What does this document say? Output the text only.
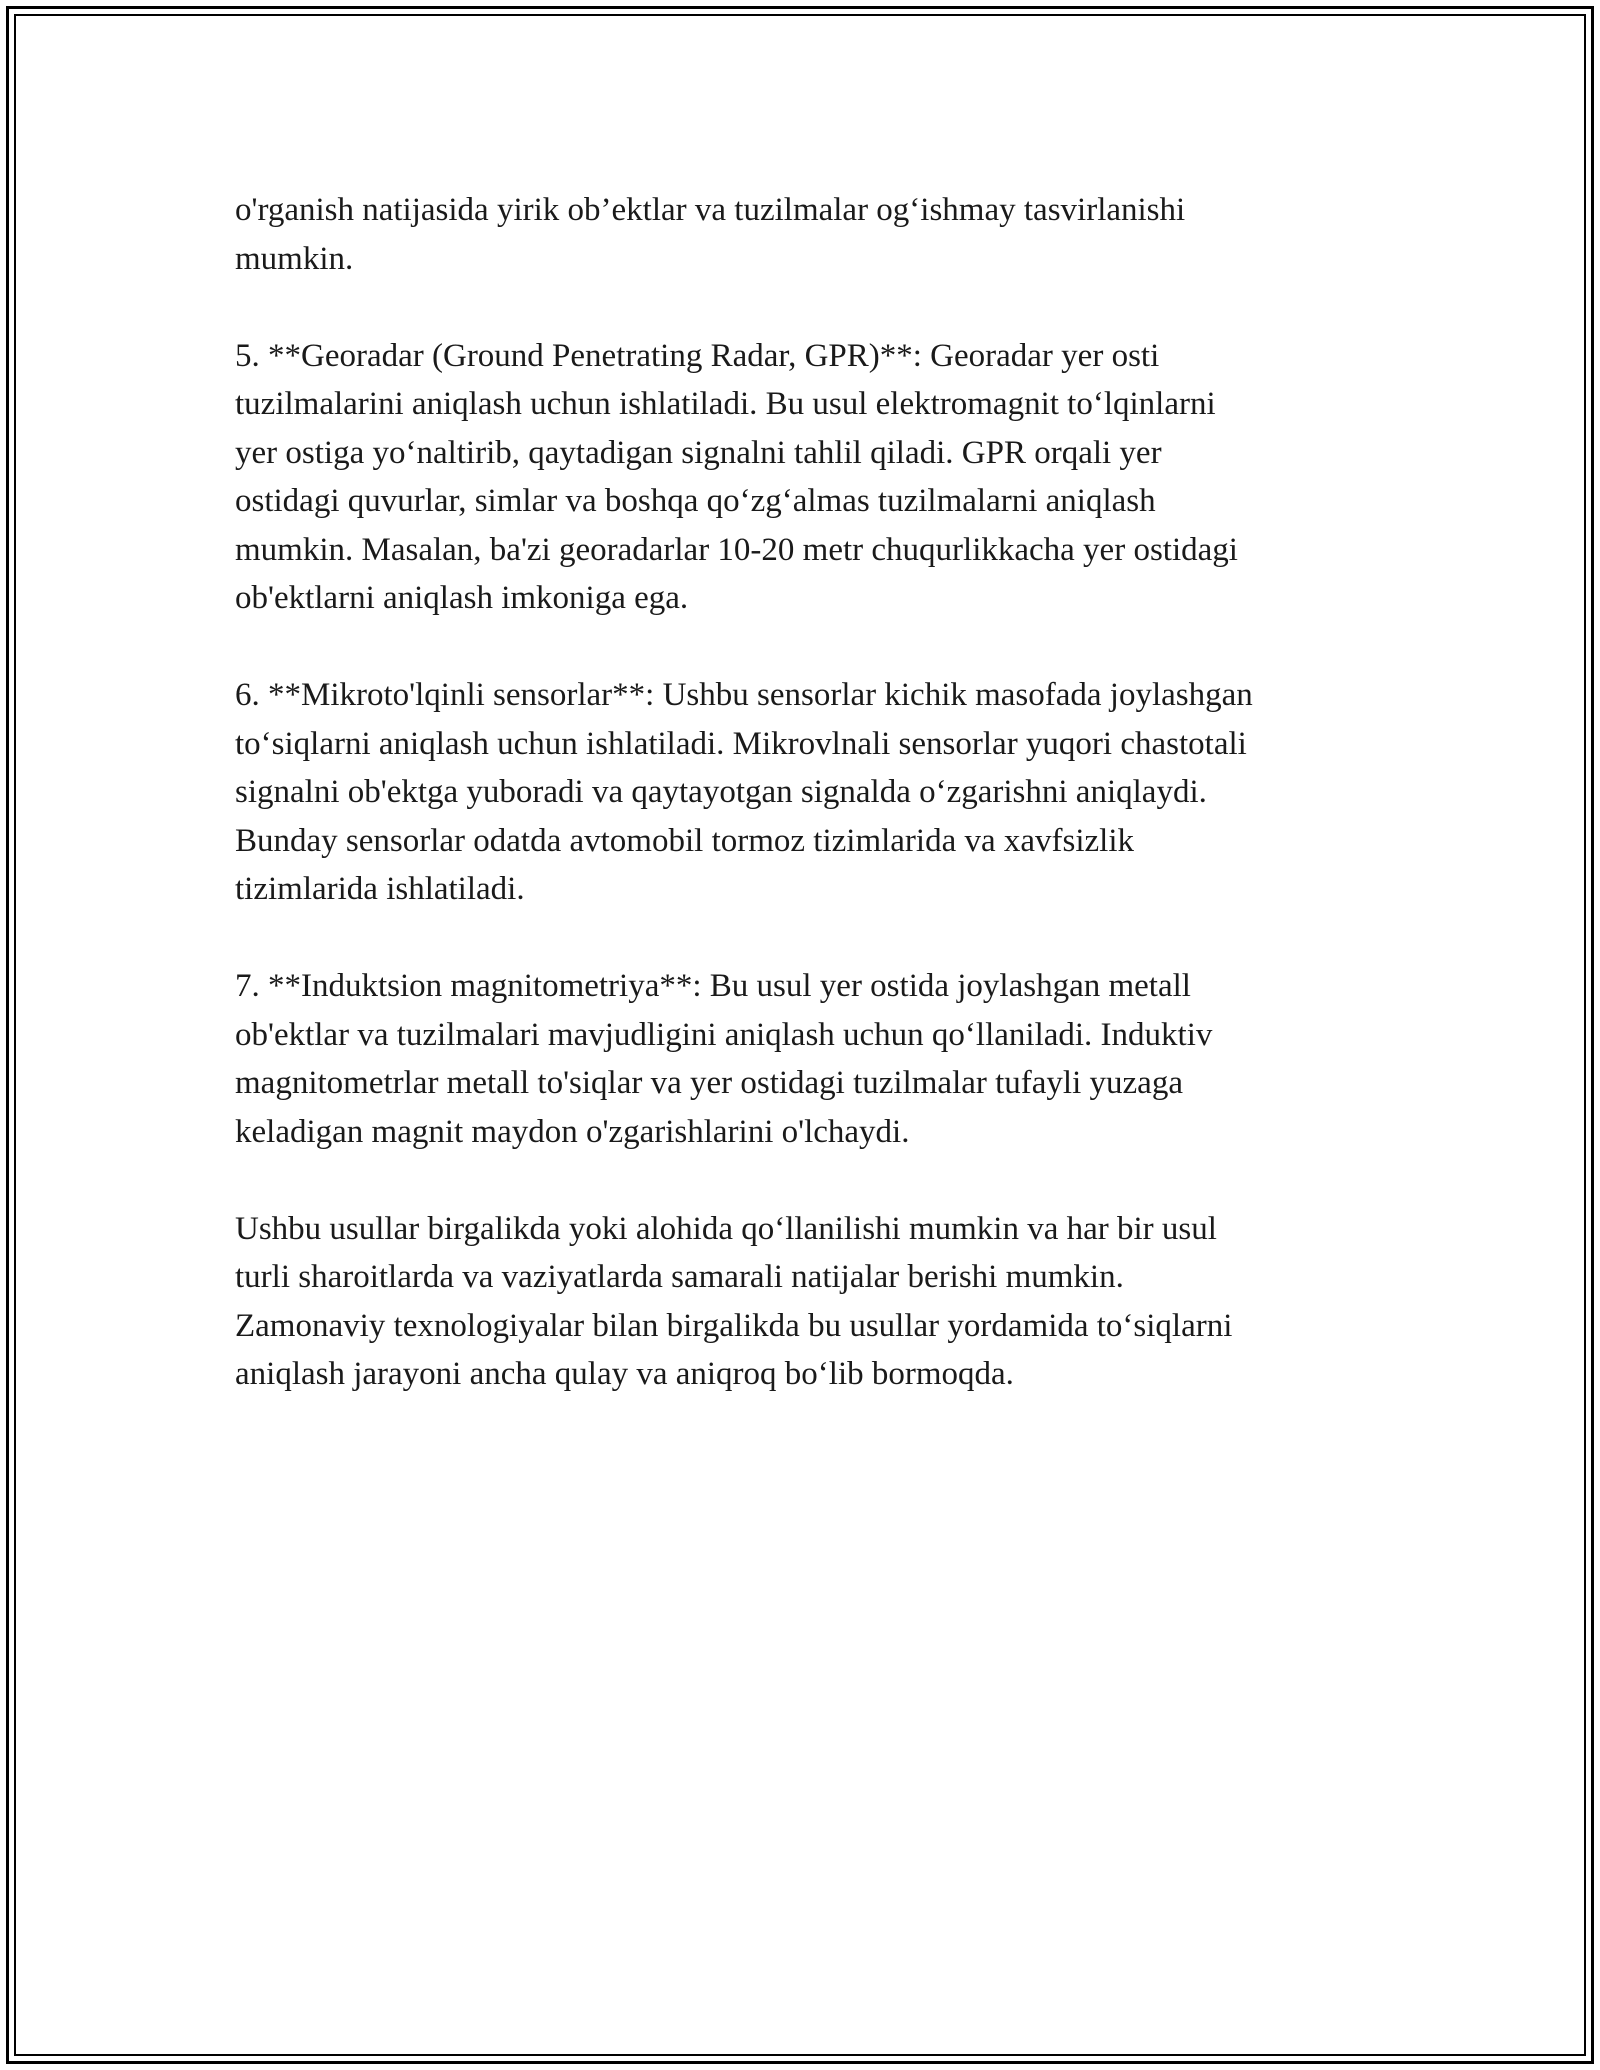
o'rganish natijasida yirik ob’ektlar va tuzilmalar og‘ishmay tasvirlanishi
mumkin.

5. **Georadar (Ground Penetrating Radar, GPR)**: Georadar yer osti
tuzilmalarini aniqlash uchun ishlatiladi. Bu usul elektromagnit to‘lqinlarni
yer ostiga yo‘naltirib, qaytadigan signalni tahlil qiladi. GPR orqali yer
ostidagi quvurlar, simlar va boshqa qo‘zg‘almas tuzilmalarni aniqlash
mumkin. Masalan, ba'zi georadarlar 10-20 metr chuqurlikkacha yer ostidagi
ob'ektlarni aniqlash imkoniga ega.

6. **Mikroto'lqinli sensorlar**: Ushbu sensorlar kichik masofada joylashgan
to‘siqlarni aniqlash uchun ishlatiladi. Mikrovlnali sensorlar yuqori chastotali
signalni ob'ektga yuboradi va qaytayotgan signalda o‘zgarishni aniqlaydi.
Bunday sensorlar odatda avtomobil tormoz tizimlarida va xavfsizlik
tizimlarida ishlatiladi.

7. **Induktsion magnitometriya**: Bu usul yer ostida joylashgan metall
ob'ektlar va tuzilmalari mavjudligini aniqlash uchun qo‘llaniladi. Induktiv
magnitometrlar metall to'siqlar va yer ostidagi tuzilmalar tufayli yuzaga
keladigan magnit maydon o'zgarishlarini o'lchaydi.

Ushbu usullar birgalikda yoki alohida qo‘llanilishi mumkin va har bir usul
turli sharoitlarda va vaziyatlarda samarali natijalar berishi mumkin.
Zamonaviy texnologiyalar bilan birgalikda bu usullar yordamida to‘siqlarni
aniqlash jarayoni ancha qulay va aniqroq bo‘lib bormoqda.
